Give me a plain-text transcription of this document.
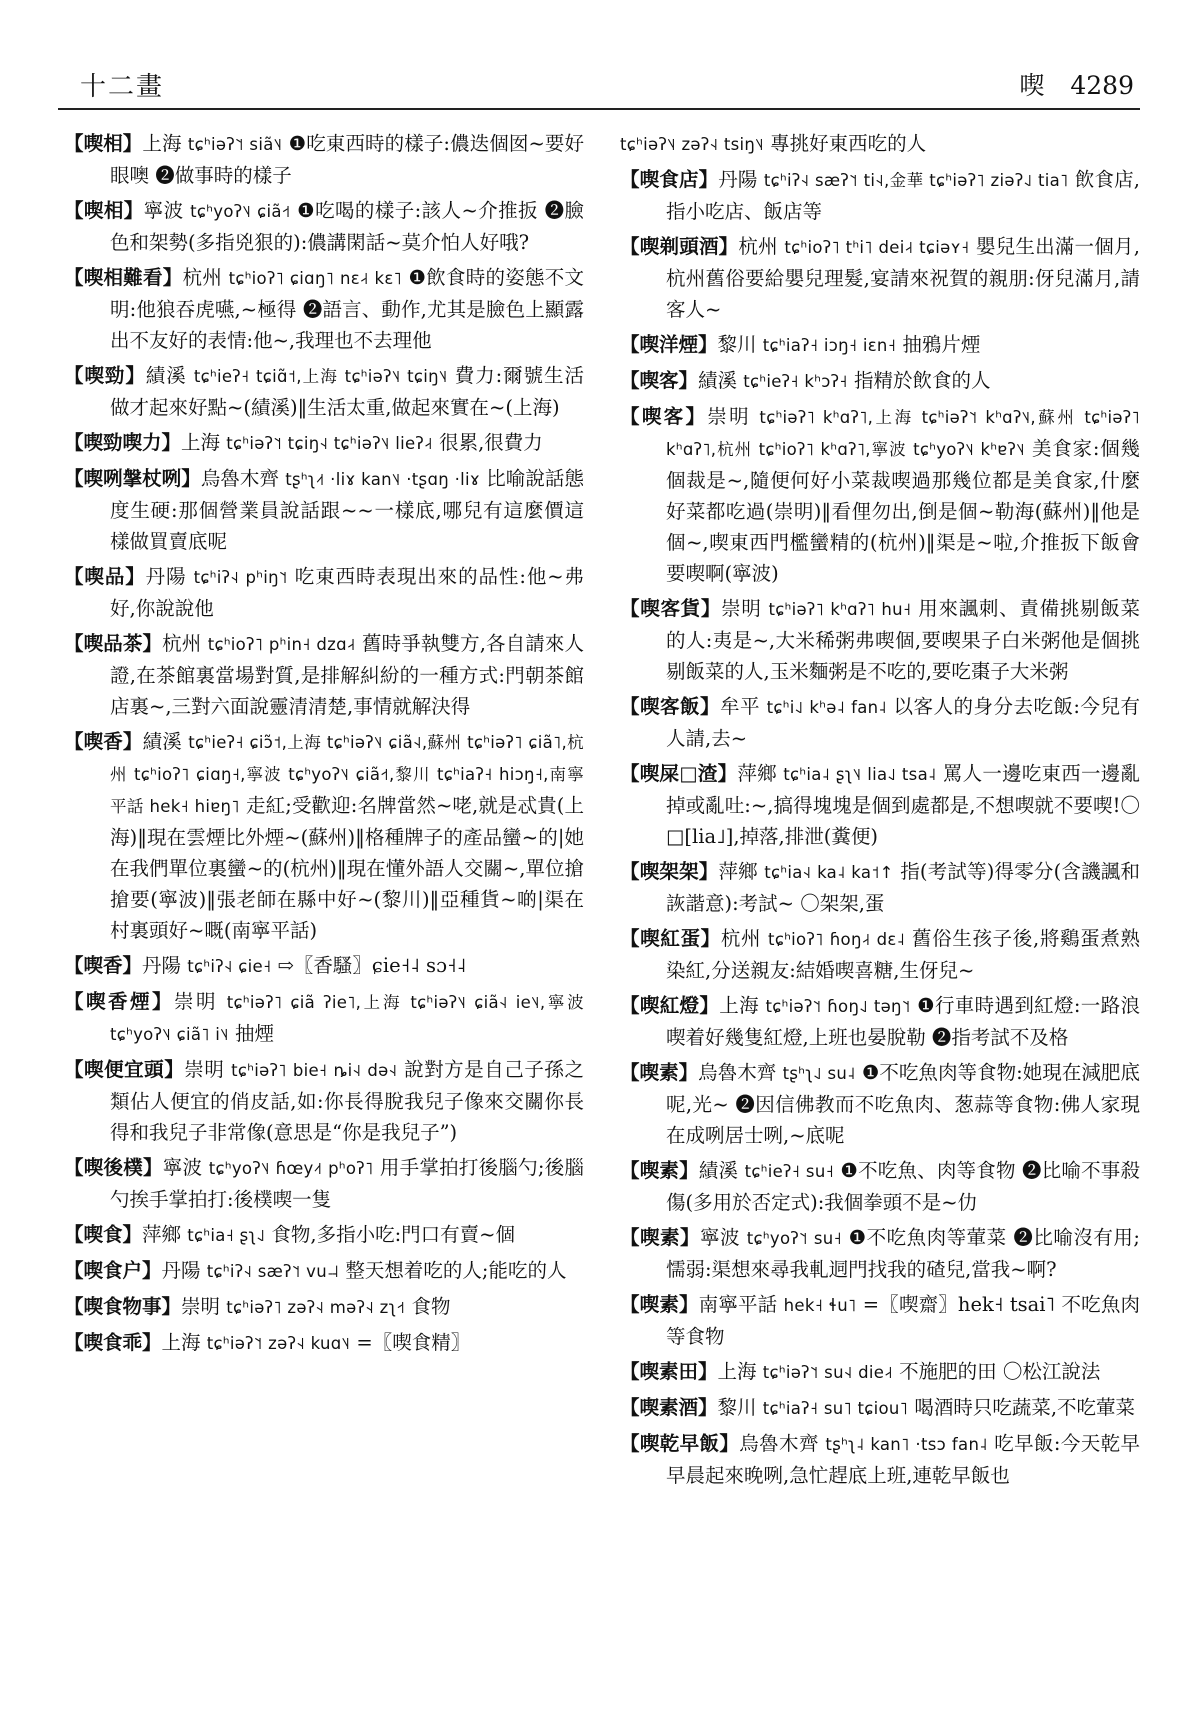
十二畫	喫 4289

【喫相】上海 tɕʰiəʔ˥˦ siã˥˨ ❶吃東西時的樣子:儂迭個囡~要好眼噢 ❷做事時的樣子

【喫相】寧波 tɕʰyoʔ˥˨ ɕiã˧˦ ❶吃喝的樣子:該人~介推扳 ❷臉色和架勢(多指兇狠的):儂講閑話~莫介怕人好哦?

【喫相難看】杭州 tɕʰioʔ˥ ɕiɑŋ˥ nɛ˨˧ kɛ˥ ❶飲食時的姿態不文明:他狼吞虎嚥,~極得 ❷語言、動作,尤其是臉色上顯露出不友好的表情:他~,我理也不去理他

【喫勁】績溪 tɕʰieʔ˧ tɕiɑ̃˦,上海 tɕʰiəʔ˥˨ tɕiŋ˥˨ 費力:爾號生活做才起來好點~(績溪)‖生活太重,做起來實在~(上海)

【喫勁喫力】上海 tɕʰiəʔ˥˦ tɕiŋ˧˨ tɕʰiəʔ˥˨ lieʔ˨˧ 很累,很費力

【喫咧搫杖咧】烏魯木齊 tʂʰʅ˨˦ ·liɤ kan˥˨ ·tʂɑŋ ·liɤ 比喻說話態度生硬:那個營業員說話跟~~一樣底,哪兒有這麼價這樣做買賣底呢

【喫品】丹陽 tɕʰiʔ˧˨ pʰiŋ˥˦ 吃東西時表現出來的品性:他~弗好,你說說他

【喫品茶】杭州 tɕʰioʔ˥ pʰin˧ dzɑ˨˧ 舊時爭執雙方,各自請來人證,在茶館裏當場對質,是排解糾紛的一種方式:門朝茶館店裏~,三對六面說靈清清楚,事情就解決得

【喫香】績溪 tɕʰieʔ˧ ɕiɔ̃˦,上海 tɕʰiəʔ˥˨ ɕiã˧˨,蘇州 tɕʰiəʔ˥ ɕiã˥,杭州 tɕʰioʔ˥ ɕiɑŋ˧,寧波 tɕʰyoʔ˥˨ ɕiã˧˦,黎川 tɕʰiaʔ˧ hiɔŋ˧,南寧平話 hek˧ hiɐŋ˥ 走紅;受歡迎:名牌當然~咾,就是忒貴(上海)‖現在雲煙比外煙~(蘇州)‖格種牌子的產品蠻~的|她在我們單位裏蠻~的(杭州)‖現在懂外語人交關~,單位搶搶要(寧波)‖張老師在縣中好~(黎川)‖亞種貨~啲|渠在村裏頭好~嘅(南寧平話)

【喫香】丹陽 tɕʰiʔ˧˨ ɕie˧ ⇨〖香騷〗ɕie˧˨ sɔ˧˨

【喫香煙】崇明 tɕʰiəʔ˥ ɕiã ʔie˥,上海 tɕʰiəʔ˥˨ ɕiã˧˨ ie˥˨,寧波 tɕʰyoʔ˥˨ ɕiã˥ i˥˨ 抽煙

【喫便宜頭】崇明 tɕʰiəʔ˥ bie˧ ȵi˧˨ də˧˨ 說對方是自己子孫之類佔人便宜的俏皮話,如:你長得脫我兒子像來交關你長得和我兒子非常像(意思是“你是我兒子”)

【喫後樸】寧波 tɕʰyoʔ˥˨ ɦœy˨˦ pʰoʔ˥ 用手掌拍打後腦勺;後腦勺挨手掌拍打:後樸喫一隻

【喫食】萍鄉 tɕʰia˧ ʂʅ˨˩ 食物,多指小吃:門口有賣~個

【喫食户】丹陽 tɕʰiʔ˧˨ sæʔ˥˦ vu˨˨ 整天想着吃的人;能吃的人

【喫食物事】崇明 tɕʰiəʔ˥ zəʔ˧˨ məʔ˧˨ zʅ˧˦ 食物

【喫食乖】上海 tɕʰiəʔ˥˦ zəʔ˧˨ kuɑ˥˨ =〖喫食精〗

tɕʰiəʔ˥˨ zəʔ˧˨ tsiŋ˥˨ 專挑好東西吃的人

【喫食店】丹陽 tɕʰiʔ˧˨ sæʔ˥˦ ti˧˨,金華 tɕʰiəʔ˥ ziəʔ˨˩ tia˥ 飲食店,指小吃店、飯店等

【喫剃頭酒】杭州 tɕʰioʔ˥ tʰi˥ dei˨˧ tɕiəʏ˧ 嬰兒生出滿一個月,杭州舊俗要給嬰兒理髮,宴請來祝賀的親朋:伢兒滿月,請客人~

【喫洋煙】黎川 tɕʰiaʔ˧ iɔŋ˧ iɛn˧ 抽鴉片煙

【喫客】績溪 tɕʰieʔ˧ kʰɔʔ˧ 指精於飲食的人

【喫客】崇明 tɕʰiəʔ˥ kʰɑʔ˥,上海 tɕʰiəʔ˥˦ kʰɑʔ˥˨,蘇州 tɕʰiəʔ˥ kʰɑʔ˥,杭州 tɕʰioʔ˥ kʰɑʔ˥,寧波 tɕʰyoʔ˥˨ kʰɐʔ˥˨ 美食家:個幾個裁是~,隨便何好小菜裁喫過那幾位都是美食家,什麼好菜都吃過(崇明)‖看俚勿出,倒是個~勒海(蘇州)‖他是個~,喫東西門檻蠻精的(杭州)‖渠是~啦,介推扳下飯會要喫啊(寧波)

【喫客貨】崇明 tɕʰiəʔ˥ kʰɑʔ˥ hu˧ 用來諷刺、責備挑剔飯菜的人:夷是~,大米稀粥弗喫個,要喫果子白米粥他是個挑剔飯菜的人,玉米麵粥是不吃的,要吃棗子大米粥

【喫客飯】牟平 tɕʰi˨˩ kʰə˨ fan˨ 以客人的身分去吃飯:今兒有人請,去~

【喫屎□渣】萍鄉 tɕʰia˨ ʂʅ˥˨ lia˨˩ tsa˨ 罵人一邊吃東西一邊亂掉或亂吐:~,搞得塊塊是個到處都是,不想喫就不要喫!〇□[lia˩],掉落,排泄(糞便)

【喫架架】萍鄉 tɕʰia˧˨ ka˨ ka˦↑ 指(考試等)得零分(含譏諷和詼諧意):考試~ 〇架架,蛋

【喫紅蛋】杭州 tɕʰioʔ˥ ɦoŋ˨˧ dɛ˨ 舊俗生孩子後,將鷄蛋煮熟染紅,分送親友:結婚喫喜糖,生伢兒~

【喫紅燈】上海 tɕʰiəʔ˥˦ ɦoŋ˨˩ təŋ˥˦ ❶行車時遇到紅燈:一路浪喫着好幾隻紅燈,上班也晏脫勒 ❷指考試不及格

【喫素】烏魯木齊 tʂʰʅ˨˩ su˨ ❶不吃魚肉等食物:她現在減肥底呢,光~ ❷因信佛教而不吃魚肉、葱蒜等食物:佛人家現在成咧居士咧,~底呢

【喫素】績溪 tɕʰieʔ˧ su˧ ❶不吃魚、肉等食物 ❷比喻不事殺傷(多用於否定式):我個拳頭不是~仂

【喫素】寧波 tɕʰyoʔ˥˦ su˧ ❶不吃魚肉等葷菜 ❷比喻沒有用;懦弱:渠想來尋我軋迵門找我的碴兒,當我~啊?

【喫素】南寧平話 hek˧ ɬu˥ =〖喫齋〗hek˧ tsai˥ 不吃魚肉等食物

【喫素田】上海 tɕʰiəʔ˥˦ su˧˨ die˨˧ 不施肥的田 〇松江說法

【喫素酒】黎川 tɕʰiaʔ˧ su˥ tɕiou˥ 喝酒時只吃蔬菜,不吃葷菜

【喫乾早飯】烏魯木齊 tʂʰʅ˨ kan˥ ·tsɔ fan˨ 吃早飯:今天乾早早晨起來晚咧,急忙趕底上班,連乾早飯也
